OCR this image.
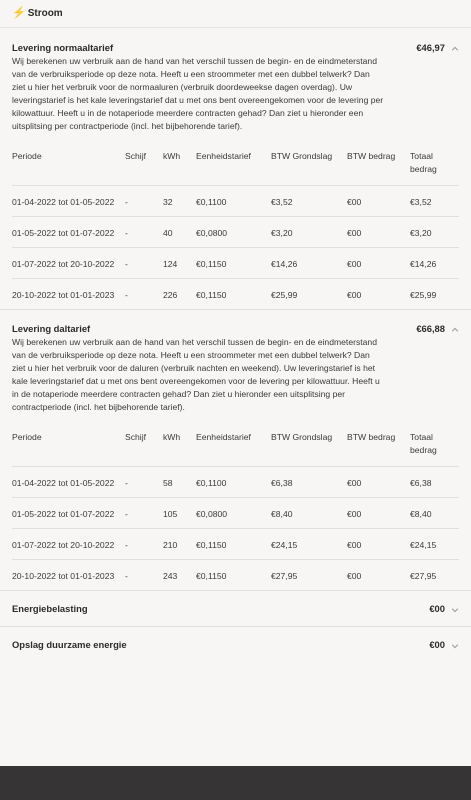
⚡ Stroom
Levering normaaltarief	€46,97

Wij berekenen uw verbruik aan de hand van het verschil tussen de begin- en de eindmeterstand van de verbruiksperiode op deze nota. Heeft u een stroommeter met een dubbel telwerk? Dan ziet u hier het verbruik voor de normaaluren (verbruik doordeweekse dagen overdag). Uw leveringstarief is het kale leveringstarief dat u met ons bent overeengekomen voor de levering per kilowattuur. Heeft u in de notaperiode meerdere contracten gehad? Dan ziet u hieronder een uitsplitsing per contractperiode (incl. het bijbehorende tarief).

Periode	Schijf	kWh	Eenheidstarief	BTW Grondslag	BTW bedrag	Totaal bedrag
01-04-2022 tot 01-05-2022	-	32	€0,1100	€3,52	€00	€3,52
01-05-2022 tot 01-07-2022	-	40	€0,0800	€3,20	€00	€3,20
01-07-2022 tot 20-10-2022	-	124	€0,1150	€14,26	€00	€14,26
20-10-2022 tot 01-01-2023	-	226	€0,1150	€25,99	€00	€25,99
Levering daltarief	€66,88

Wij berekenen uw verbruik aan de hand van het verschil tussen de begin- en de eindmeterstand van de verbruiksperiode op deze nota. Heeft u een stroommeter met een dubbel telwerk? Dan ziet u hier het verbruik voor de daluren (verbruik nachten en weekend). Uw leveringstarief is het kale leveringstarief dat u met ons bent overeengekomen voor de levering per kilowattuur. Heeft u in de notaperiode meerdere contracten gehad? Dan ziet u hieronder een uitsplitsing per contractperiode (incl. het bijbehorende tarief).

Periode	Schijf	kWh	Eenheidstarief	BTW Grondslag	BTW bedrag	Totaal bedrag
01-04-2022 tot 01-05-2022	-	58	€0,1100	€6,38	€00	€6,38
01-05-2022 tot 01-07-2022	-	105	€0,0800	€8,40	€00	€8,40
01-07-2022 tot 20-10-2022	-	210	€0,1150	€24,15	€00	€24,15
20-10-2022 tot 01-01-2023	-	243	€0,1150	€27,95	€00	€27,95
Energiebelasting	€00
Opslag duurzame energie	€00
